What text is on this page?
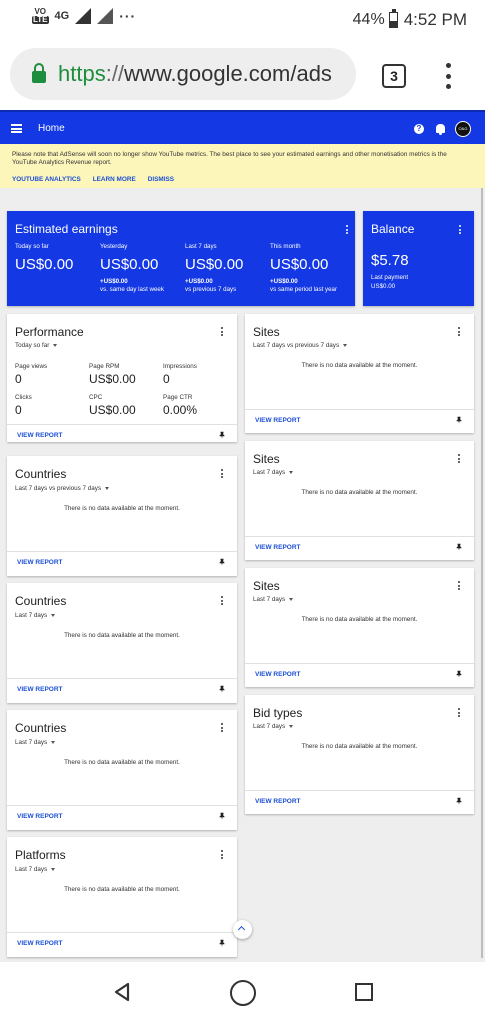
VO
LTE 4G	···	44% 4:52 PM
https://www.google.com/ads	3
Home	?	O&G
Please note that AdSense will soon no longer show YouTube metrics. The best place to see your estimated earnings and other monetisation metrics is the YouTube Analytics Revenue report.
YOUTUBE ANALYTICS LEARN MORE DISMISS
Estimated earnings
Today so far
US$0.00
Yesterday
US$0.00
+US$0.00
vs. same day last week
Last 7 days
US$0.00
+US$0.00
vs previous 7 days
This month
US$0.00
+US$0.00
vs same period last year
Balance
$5.78
Last payment
US$0.00
Performance
Today so far
Page views
0
Page RPM
US$0.00
Impressions
0
Clicks
0
CPC
US$0.00
Page CTR
0.00%
VIEW REPORT
Countries
Last 7 days vs previous 7 days
There is no data available at the moment.
VIEW REPORT
Countries
Last 7 days
There is no data available at the moment.
VIEW REPORT
Countries
Last 7 days
There is no data available at the moment.
VIEW REPORT
Platforms
Last 7 days
There is no data available at the moment.
VIEW REPORT
Sites
Last 7 days vs previous 7 days
There is no data available at the moment.
VIEW REPORT
Sites
Last 7 days
There is no data available at the moment.
VIEW REPORT
Sites
Last 7 days
There is no data available at the moment.
VIEW REPORT
Bid types
Last 7 days
There is no data available at the moment.
VIEW REPORT
